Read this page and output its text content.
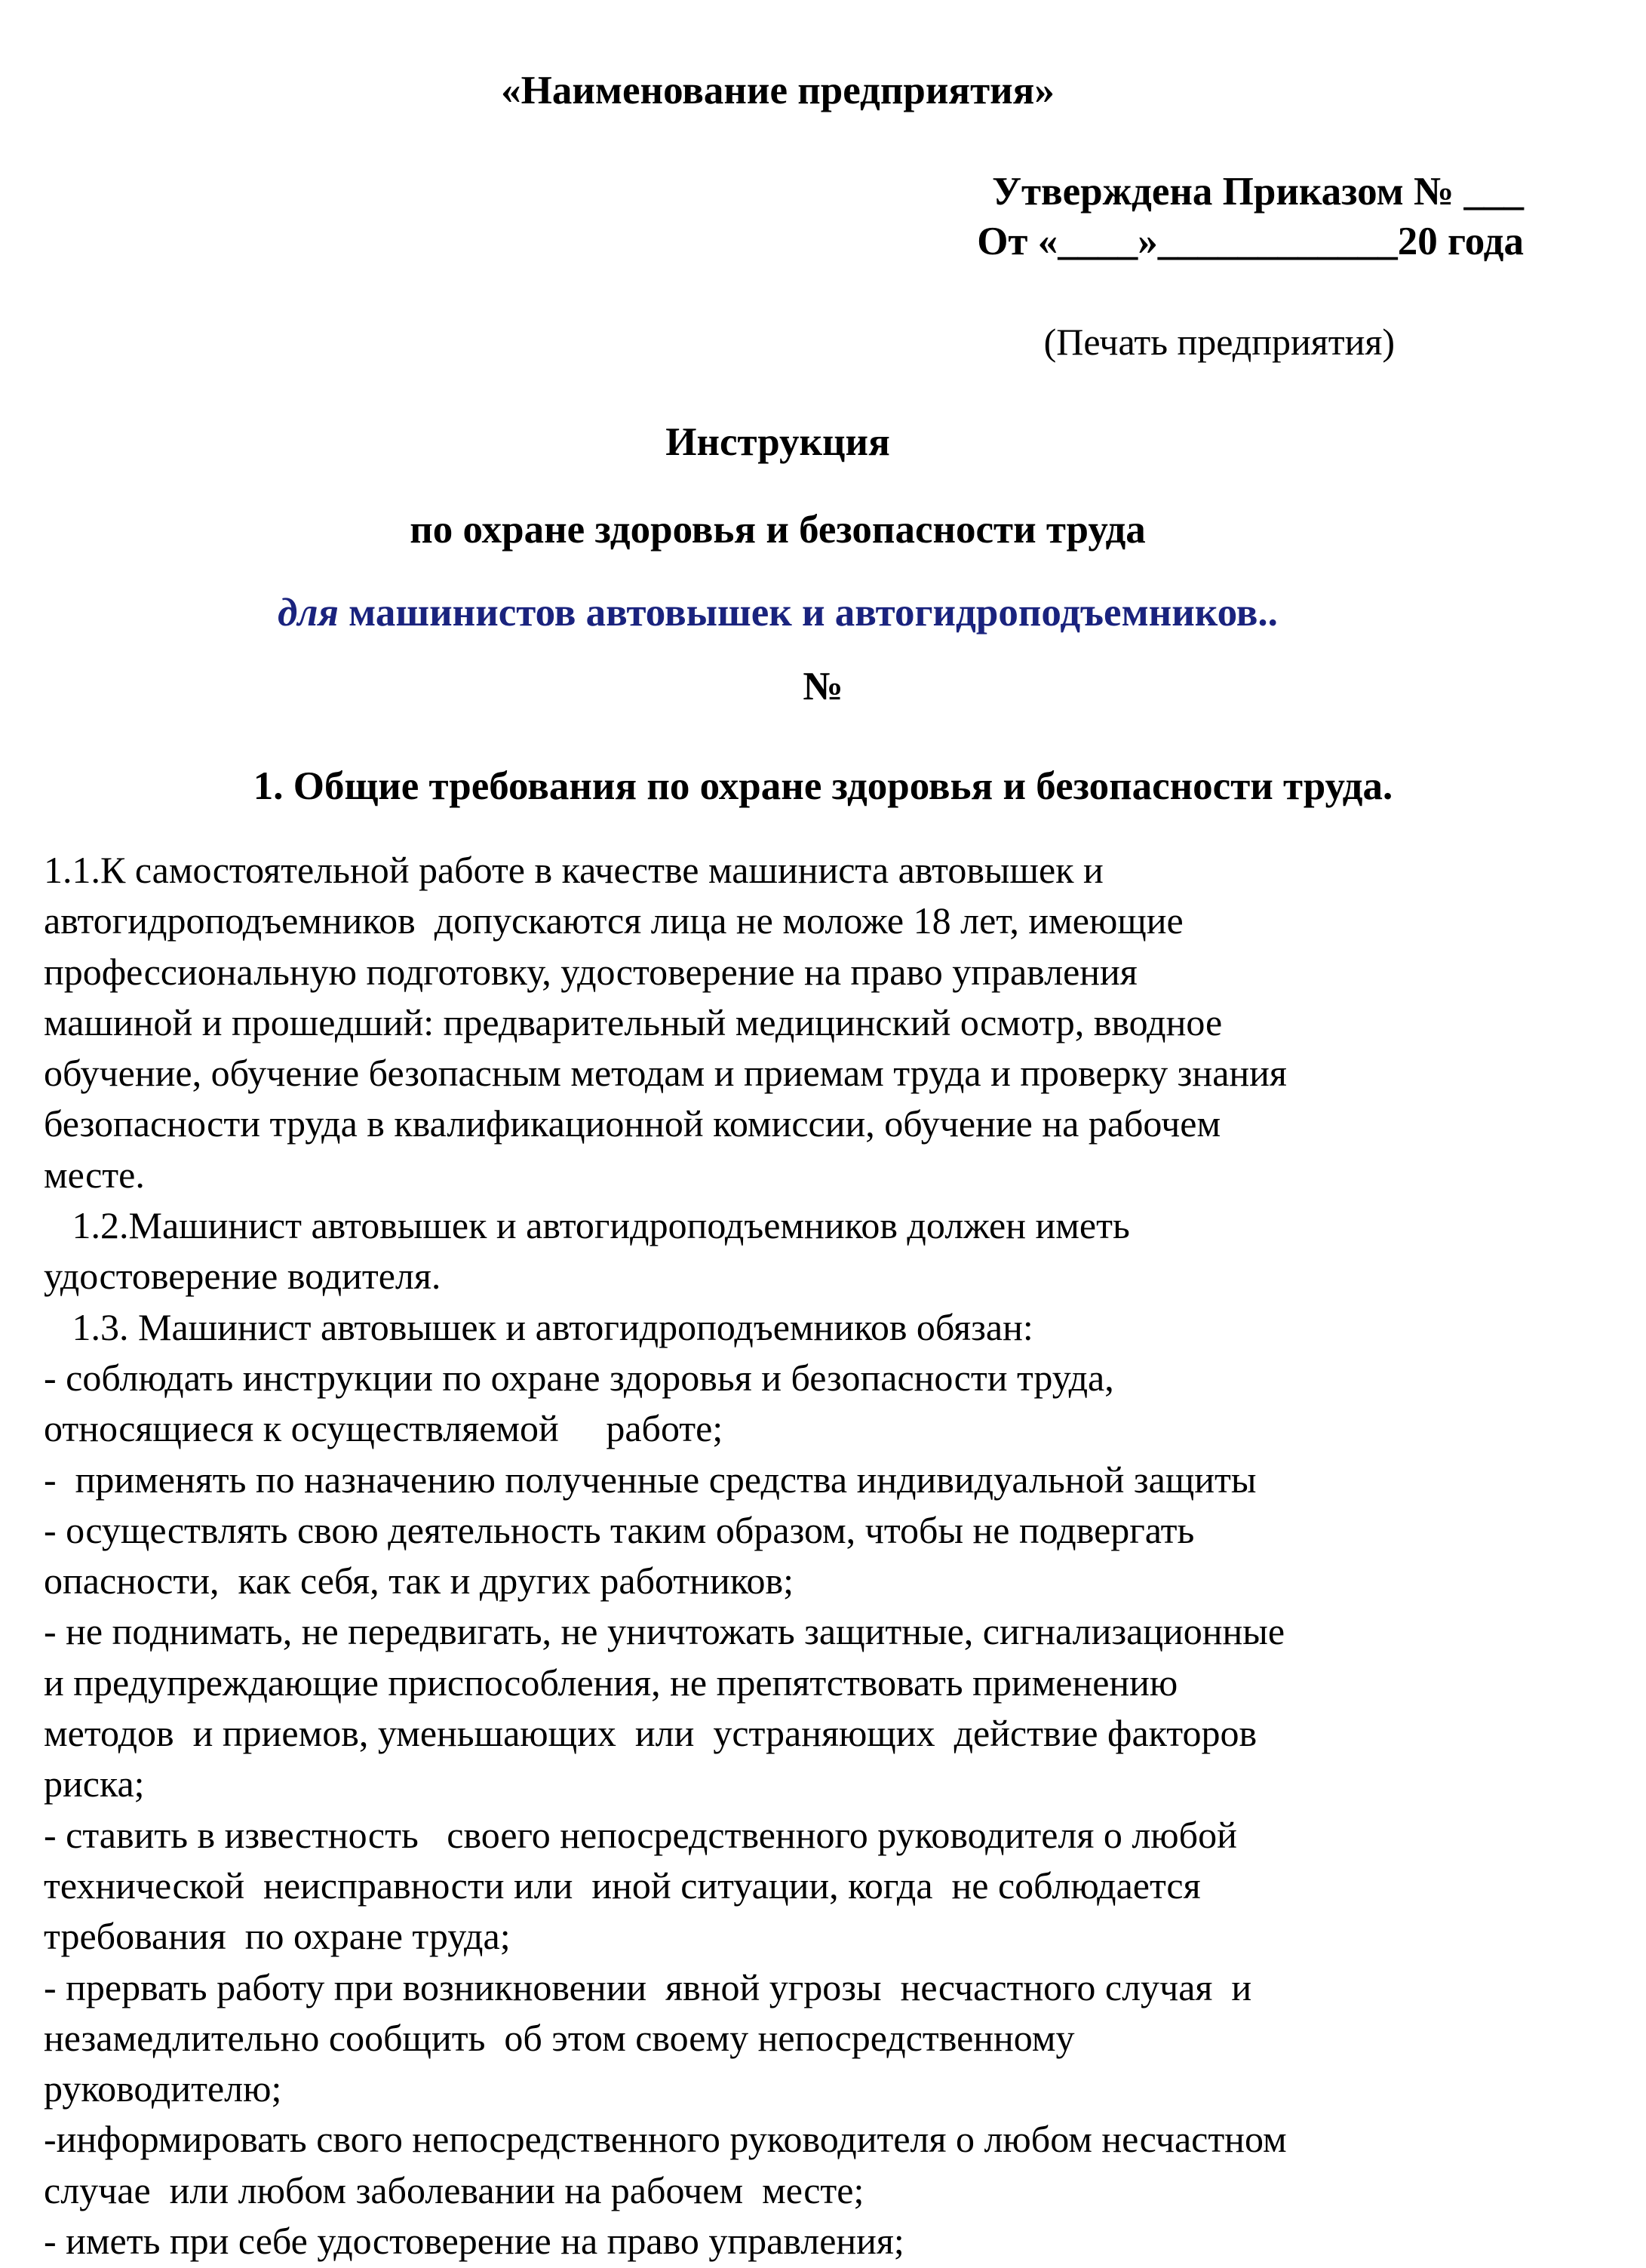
«Наименование предприятия»
Утверждена Приказом № ___
От «____»____________20 года
(Печать предприятия)
Инструкция
по охране здоровья и безопасности труда
для машинистов автовышек и автогидроподъемников..
№
1. Общие требования по охране здоровья и безопасности труда.
1.1.К самостоятельной работе в качестве машиниста автовышек и
автогидроподъемников  допускаются лица не моложе 18 лет, имеющие
профессиональную подготовку, удостоверение на право управления
машиной и прошедший: предварительный медицинский осмотр, вводное
обучение, обучение безопасным методам и приемам труда и проверку знания
безопасности труда в квалификационной комиссии, обучение на рабочем
месте.
1.2.Машинист автовышек и автогидроподъемников должен иметь
удостоверение водителя.
1.3. Машинист автовышек и автогидроподъемников обязан:
- соблюдать инструкции по охране здоровья и безопасности труда,
относящиеся к осуществляемой     работе;
-  применять по назначению полученные средства индивидуальной защиты
- осуществлять свою деятельность таким образом, чтобы не подвергать
опасности,  как себя, так и других работников;
- не поднимать, не передвигать, не уничтожать защитные, сигнализационные
и предупреждающие приспособления, не препятствовать применению
методов  и приемов, уменьшающих  или  устраняющих  действие факторов
риска;
- ставить в известность   своего непосредственного руководителя о любой
технической  неисправности или  иной ситуации, когда  не соблюдается
требования  по охране труда;
- прервать работу при возникновении  явной угрозы  несчастного случая  и
незамедлительно сообщить  об этом своему непосредственному
руководителю;
-информировать свого непосредственного руководителя о любом несчастном
случае  или любом заболевании на рабочем  месте;
- иметь при себе удостоверение на право управления;
